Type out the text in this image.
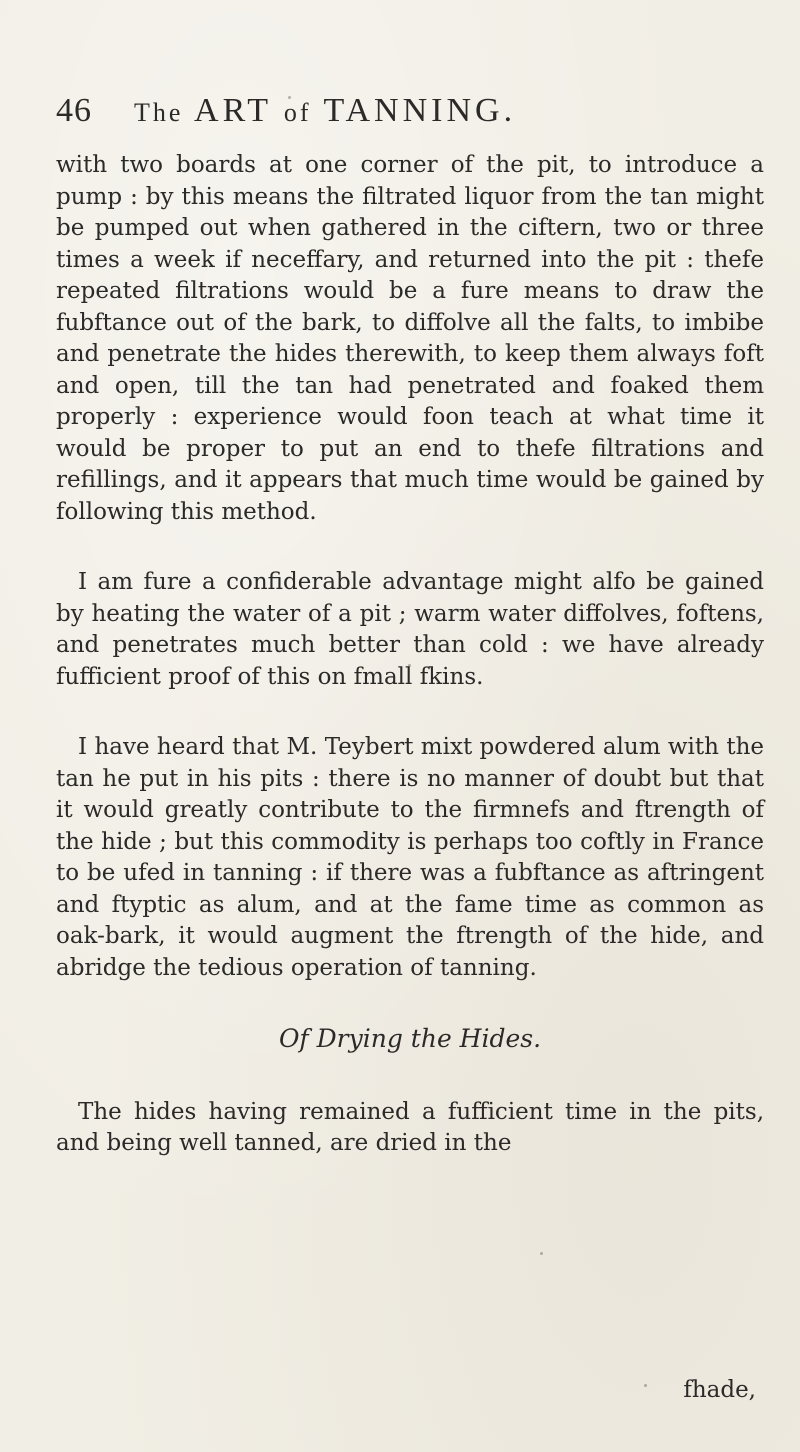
46 The ART of TANNING.

with two boards at one corner of the pit, to introduce a pump : by this means the filtrated liquor from the tan might be pumped out when gathered in the ciftern, two or three times a week if neceffary, and returned into the pit : thefe repeated filtrations would be a fure means to draw the fubftance out of the bark, to diffolve all the falts, to imbibe and penetrate the hides therewith, to keep them always foft and open, till the tan had penetrated and foaked them properly : experience would foon teach at what time it would be proper to put an end to thefe filtrations and refillings, and it appears that much time would be gained by following this method.

I am fure a confiderable advantage might alfo be gained by heating the water of a pit ; warm water diffolves, foftens, and penetrates much better than cold : we have already fufficient proof of this on fmall fkins.

I have heard that M. Teybert mixt powdered alum with the tan he put in his pits : there is no manner of doubt but that it would greatly contribute to the firmnefs and ftrength of the hide ; but this commodity is perhaps too coftly in France to be ufed in tanning : if there was a fubftance as aftringent and ftyptic as alum, and at the fame time as common as oak-bark, it would augment the ftrength of the hide, and abridge the tedious operation of tanning.

Of Drying the Hides.

The hides having remained a fufficient time in the pits, and being well tanned, are dried in the

fhade,
